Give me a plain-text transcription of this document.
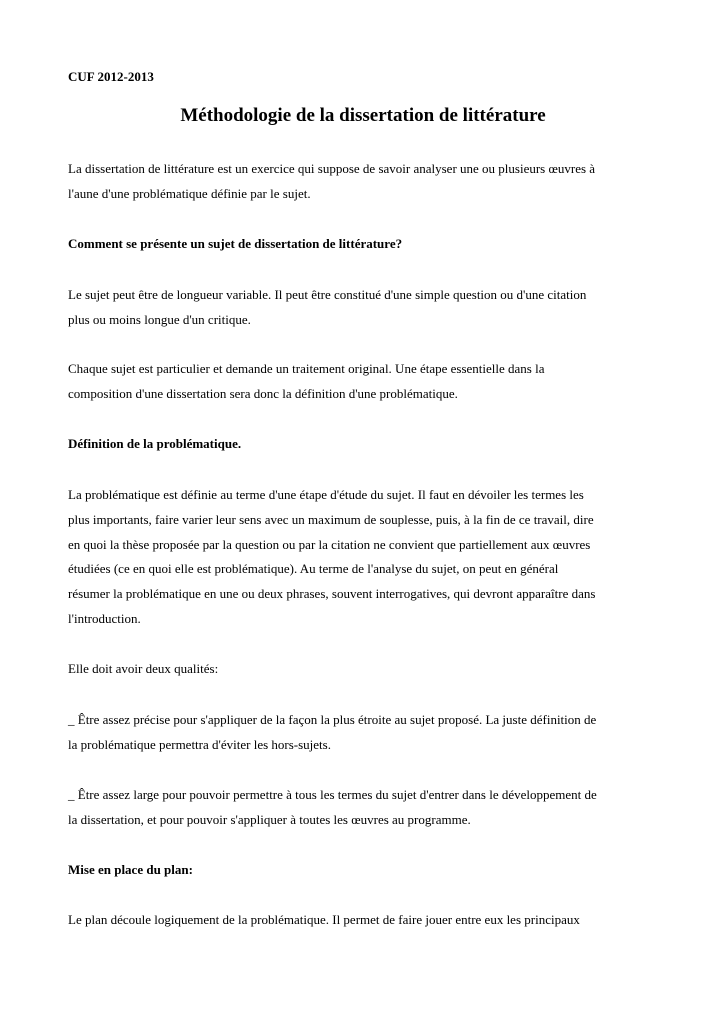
CUF 2012-2013
Méthodologie de la dissertation de littérature
La dissertation de littérature est un exercice qui suppose de savoir analyser une ou plusieurs œuvres à
l'aune d'une problématique définie par le sujet.
Comment se présente un sujet de dissertation de littérature?
Le sujet peut être de longueur variable. Il peut être constitué d'une simple question ou d'une citation
plus ou moins longue d'un critique.
Chaque sujet est particulier et demande un traitement original. Une étape essentielle dans la
composition d'une dissertation sera donc la définition d'une problématique.
Définition de la problématique.
La problématique est définie au terme d'une étape d'étude du sujet. Il faut en dévoiler les termes les
plus importants, faire varier leur sens avec un maximum de souplesse, puis, à la fin de ce travail, dire
en quoi la thèse proposée par la question ou par la citation ne convient que partiellement aux œuvres
étudiées (ce en quoi elle est problématique). Au terme de l'analyse du sujet, on peut en général
résumer la problématique en une ou deux phrases, souvent interrogatives, qui devront apparaître dans
l'introduction.
Elle doit avoir deux qualités:
_ Être assez précise pour s'appliquer de la façon la plus étroite au sujet proposé. La juste définition de
la problématique permettra d'éviter les hors-sujets.
_ Être assez large pour pouvoir permettre à tous les termes du sujet d'entrer dans le développement de
la dissertation, et pour pouvoir s'appliquer à toutes les œuvres au programme.
Mise en place du plan:
Le plan découle logiquement de la problématique. Il permet de faire jouer entre eux les principaux
